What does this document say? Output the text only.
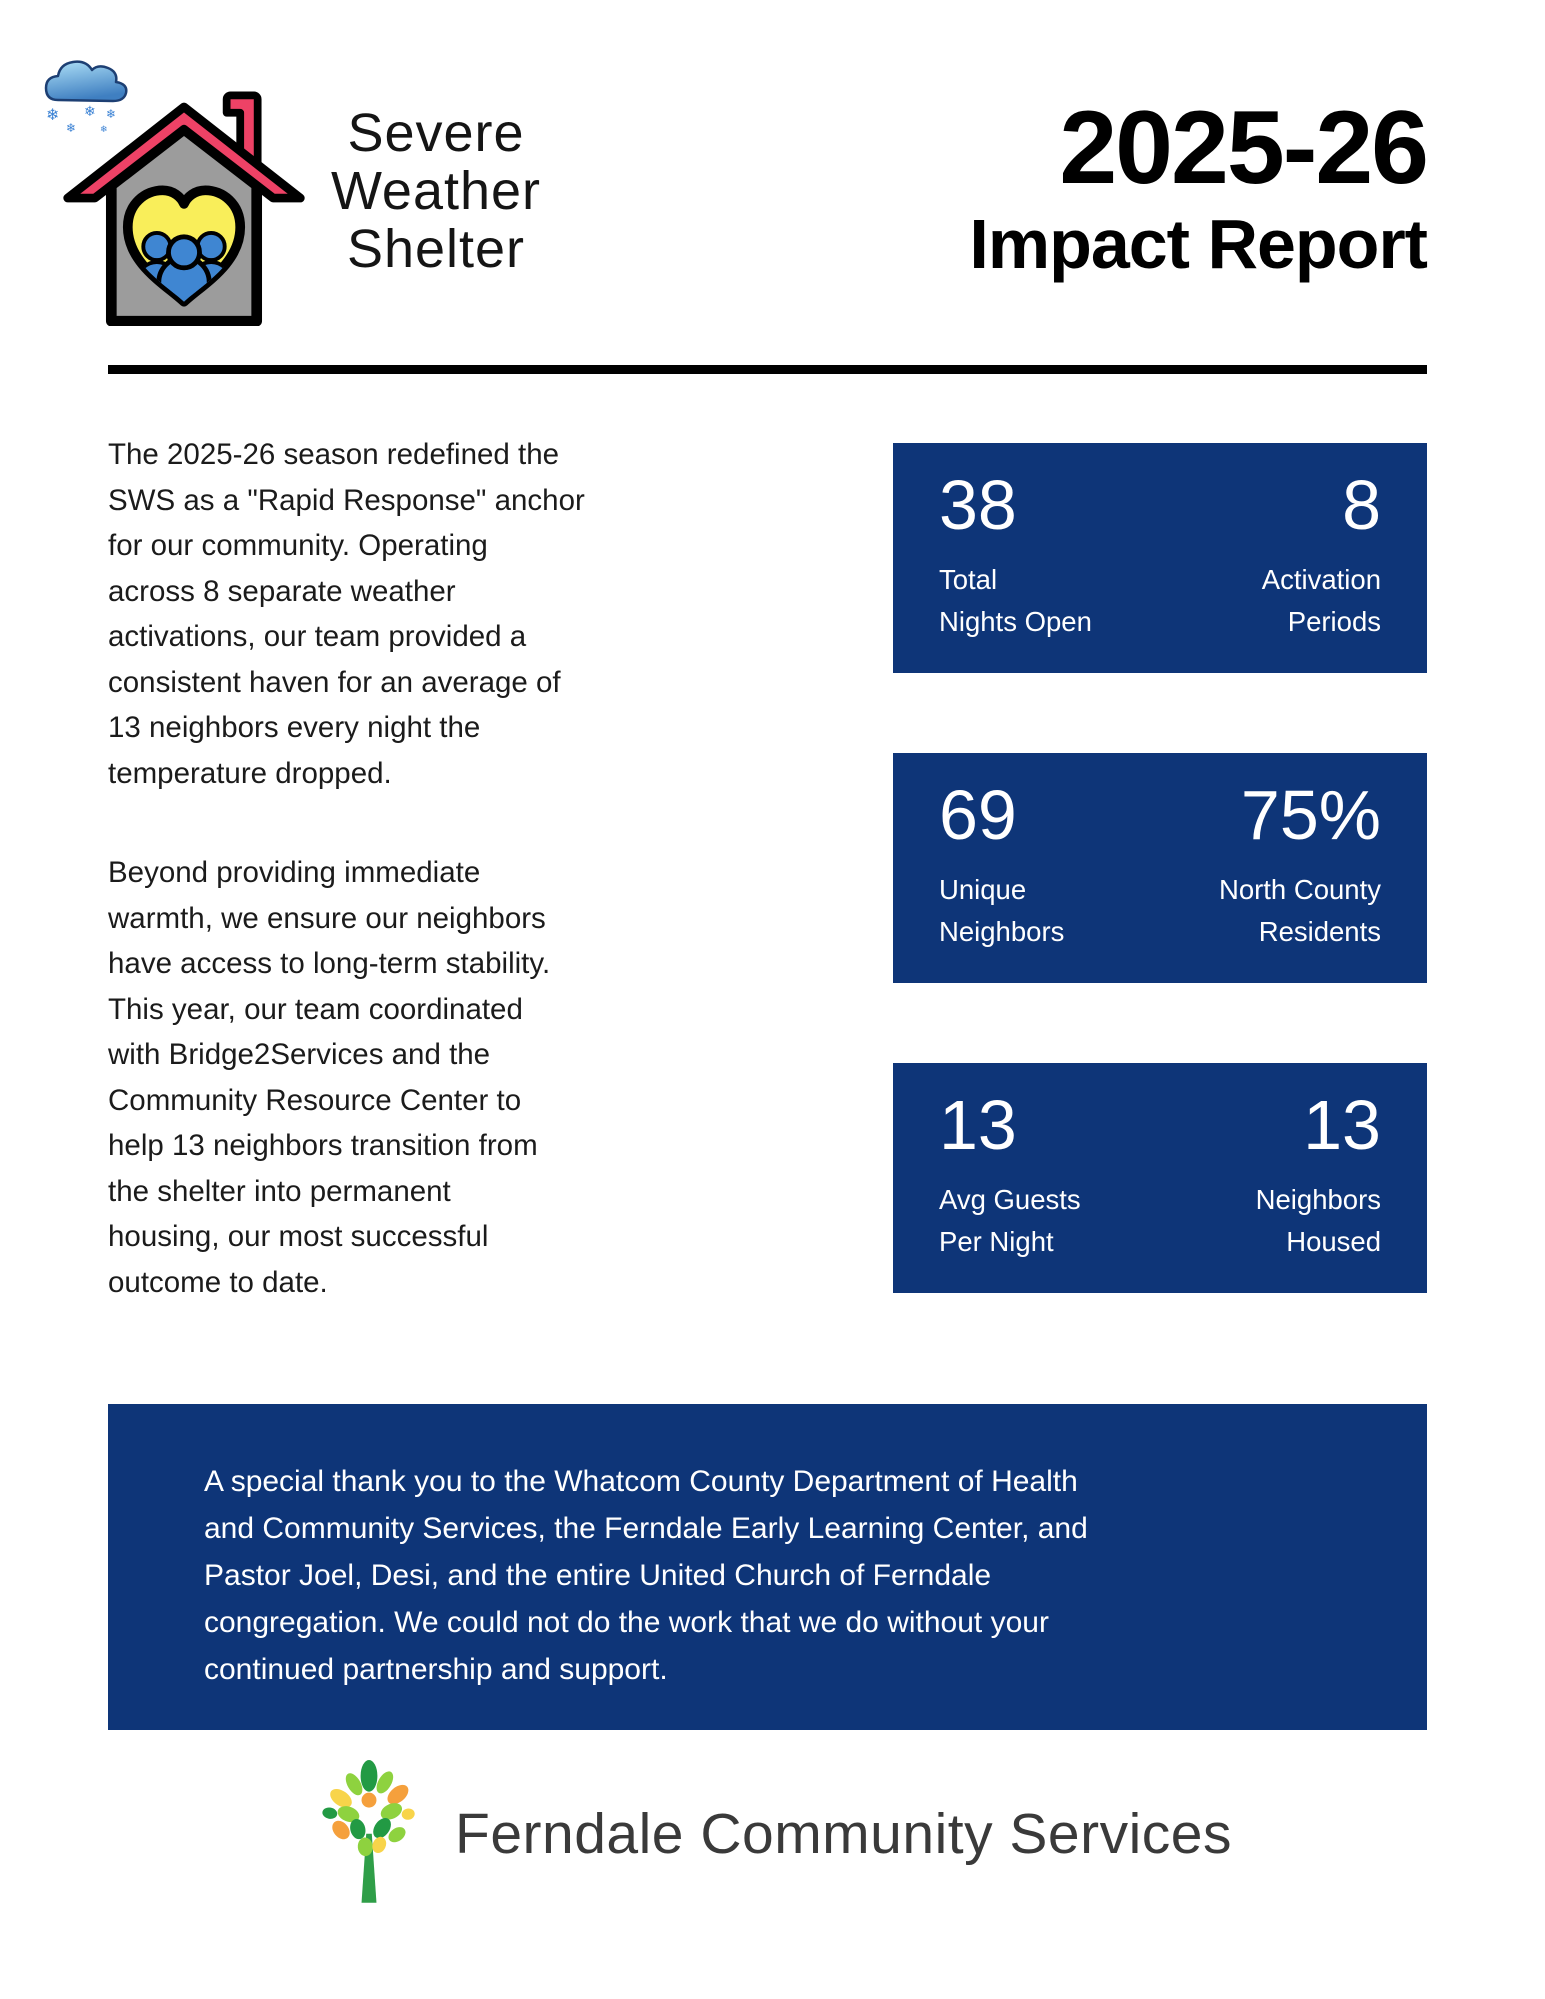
❄ ❄ ❄
❄	❄	Severe
Weather
Shelter
2025-26
Impact Report

The 2025-26 season redefined the
SWS as a "Rapid Response" anchor
for our community. Operating
across 8 separate weather
activations, our team provided a
consistent haven for an average of
13 neighbors every night the
temperature dropped.

Beyond providing immediate
warmth, we ensure our neighbors
have access to long-term stability.
This year, our team coordinated
with Bridge2Services and the
Community Resource Center to
help 13 neighbors transition from
the shelter into permanent
housing, our most successful
outcome to date.

38	8
Total
Nights Open
Activation
Periods
69	75%
Unique
Neighbors
North County
Residents
13	13
Avg Guests
Per Night
Neighbors
Housed
A special thank you to the Whatcom County Department of Health
and Community Services, the Ferndale Early Learning Center, and
Pastor Joel, Desi, and the entire United Church of Ferndale
congregation. We could not do the work that we do without your
continued partnership and support.
Ferndale Community Services
